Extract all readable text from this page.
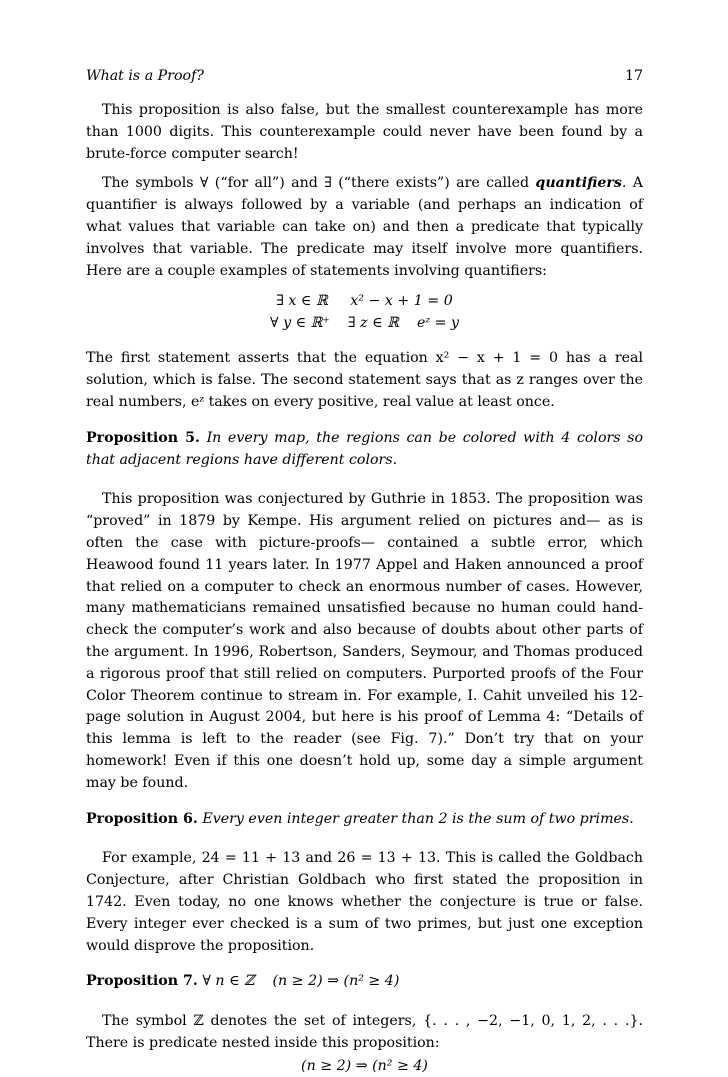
What is a Proof?	17

This proposition is also false, but the smallest counterexample has more than 1000 digits. This counterexample could never have been found by a brute-force computer search!

The symbols ∀ (“for all”) and ∃ (“there exists”) are called quantifiers. A quantifier is always followed by a variable (and perhaps an indication of what values that variable can take on) and then a predicate that typically involves that variable. The predicate may itself involve more quantifiers. Here are a couple examples of statements involving quantifiers:

∃ x ∈ ℝ     x² − x + 1 = 0
∀ y ∈ ℝ⁺    ∃ z ∈ ℝ    eᶻ = y

The first statement asserts that the equation x² − x + 1 = 0 has a real solution, which is false. The second statement says that as z ranges over the real numbers, eᶻ takes on every positive, real value at least once.

Proposition 5. In every map, the regions can be colored with 4 colors so that adjacent regions have different colors.

This proposition was conjectured by Guthrie in 1853. The proposition was “proved” in 1879 by Kempe. His argument relied on pictures and— as is often the case with picture-proofs— contained a subtle error, which Heawood found 11 years later. In 1977 Appel and Haken announced a proof that relied on a computer to check an enormous number of cases. However, many mathematicians remained unsatisfied because no human could hand-check the computer’s work and also because of doubts about other parts of the argument. In 1996, Robertson, Sanders, Seymour, and Thomas produced a rigorous proof that still relied on computers. Purported proofs of the Four Color Theorem continue to stream in. For example, I. Cahit unveiled his 12-page solution in August 2004, but here is his proof of Lemma 4: “Details of this lemma is left to the reader (see Fig. 7).” Don’t try that on your homework! Even if this one doesn’t hold up, some day a simple argument may be found.

Proposition 6. Every even integer greater than 2 is the sum of two primes.

For example, 24 = 11 + 13 and 26 = 13 + 13. This is called the Goldbach Conjecture, after Christian Goldbach who first stated the proposition in 1742. Even today, no one knows whether the conjecture is true or false. Every integer ever checked is a sum of two primes, but just one exception would disprove the proposition.

Proposition 7. ∀ n ∈ ℤ    (n ≥ 2) ⇒ (n² ≥ 4)

The symbol ℤ denotes the set of integers, {. . . , −2, −1, 0, 1, 2, . . .}. There is predicate nested inside this proposition:

(n ≥ 2) ⇒ (n² ≥ 4)
